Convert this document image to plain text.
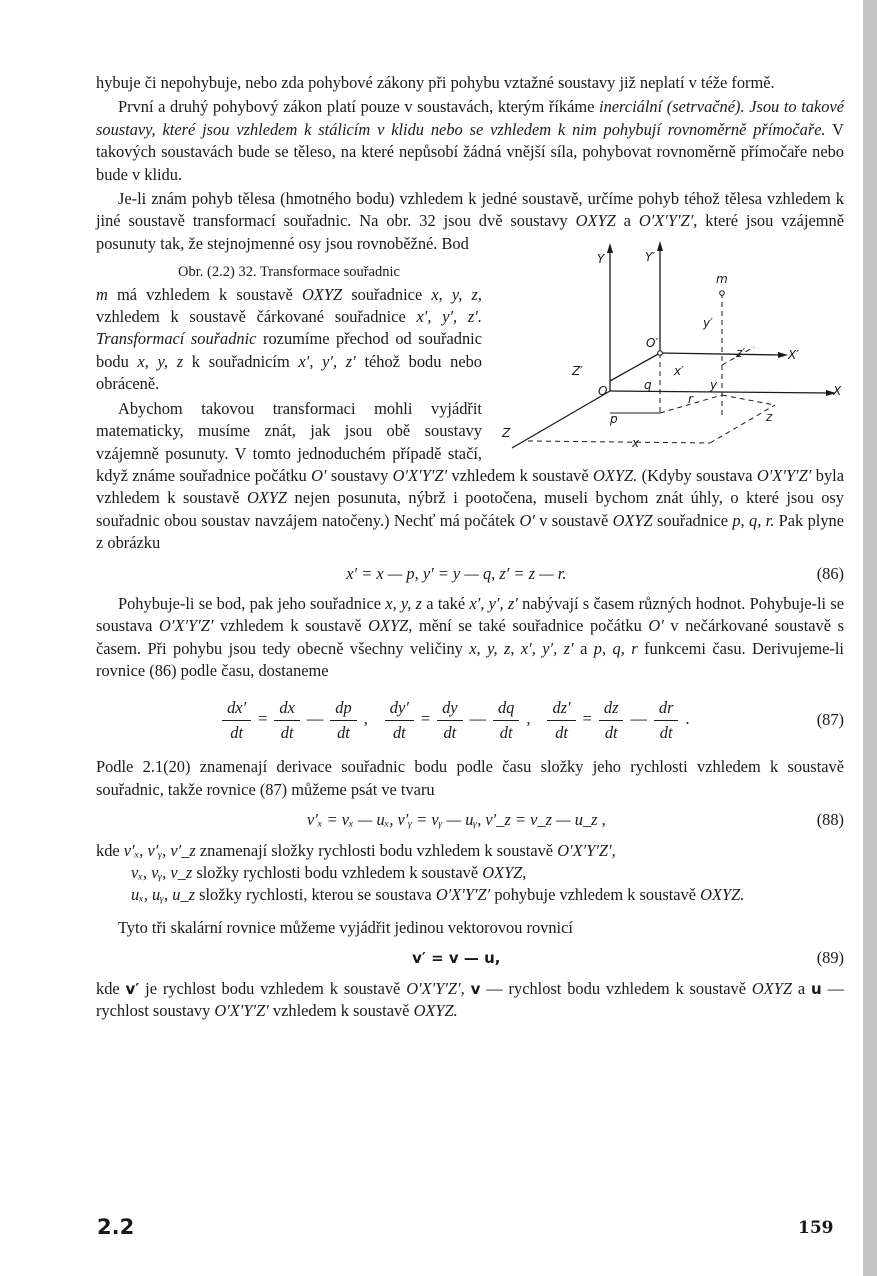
hybuje či nepohybuje, nebo zda pohybové zákony při pohybu vztažné soustavy již neplatí v téže formě.

První a druhý pohybový zákon platí pouze v soustavách, kterým říkáme inerciální (setrvačné). Jsou to takové soustavy, které jsou vzhledem k stálicím v klidu nebo se vzhledem k nim pohybují rovnoměrně přímočaře. V takových soustavách bude se těleso, na které nepůsobí žádná vnější síla, pohybovat rovnoměrně přímočaře nebo bude v klidu.

Je-li znám pohyb tělesa (hmotného bodu) vzhledem k jedné soustavě, určíme pohyb téhož tělesa vzhledem k jiné soustavě transformací souřadnic. Na obr. 32 jsou dvě soustavy OXYZ a O′X′Y′Z′, které jsou vzájemně posunuty tak, že stejnojmenné osy jsou rovnoběžné. Bod
Y	Y′
m
y′
O′
X′
z′
x′
Z′
O	q	y	X
p
r
z
Z
x

Obr. (2.2) 32. Transformace souřadnic
m má vzhledem k soustavě OXYZ souřadnice x, y, z, vzhledem k soustavě čárkované souřadnice x′, y′, z′. Transformací souřadnic rozumíme přechod od souřadnic bodu x, y, z k souřadnicím x′, y′, z′ téhož bodu nebo obráceně.

Abychom takovou transformaci mohli vyjádřit matematicky, musíme znát, jak jsou obě soustavy vzájemně posunuty. V tomto jednoduchém případě stačí, když známe souřadnice počátku O′ soustavy O′X′Y′Z′ vzhledem k soustavě OXYZ. (Kdyby soustava O′X′Y′Z′ byla vzhledem k soustavě OXYZ nejen posunuta, nýbrž i pootočena, museli bychom znát úhly, o které jsou osy souřadnic obou soustav navzájem natočeny.) Nechť má počátek O′ v soustavě OXYZ souřadnice p, q, r. Pak plyne z obrázku

x′ = x — p, y′ = y — q, z′ = z — r.	(86)

Pohybuje-li se bod, pak jeho souřadnice x, y, z a také x′, y′, z′ nabývají s časem různých hodnot. Pohybuje-li se soustava O′X′Y′Z′ vzhledem k soustavě OXYZ, mění se také souřadnice počátku O′ v nečárkované soustavě s časem. Při pohybu jsou tedy obecně všechny veličiny x, y, z, x′, y′, z′ a p, q, r funkcemi času. Derivujeme-li rovnice (86) podle času, dostaneme

$\frac{dx'}{dt} = \frac{dx}{dt}$ — $\frac{dp}{dt}$ , $\frac{dy'}{dt} = \frac{dy}{dt}$ — $\frac{dq}{dt}$ , $\frac{dz'}{dt} = \frac{dz}{dt}$ — $\frac{dr}{dt}$ .	(87)

Podle 2.1(20) znamenají derivace souřadnic bodu podle času složky jeho rychlosti vzhledem k soustavě souřadnic, takže rovnice (87) můžeme psát ve tvaru

v′ₓ = vₓ — uₓ, v′ᵧ = vᵧ — uᵧ, v′_z = v_z — u_z ,	(88)
kde v′ₓ, v′ᵧ, v′_z znamenají složky rychlosti bodu vzhledem k soustavě O′X′Y′Z′,
vₓ, vᵧ, v_z složky rychlosti bodu vzhledem k soustavě OXYZ,
uₓ, uᵧ, u_z složky rychlosti, kterou se soustava O′X′Y′Z′ pohybuje vzhledem k soustavě OXYZ.

Tyto tři skalární rovnice můžeme vyjádřit jedinou vektorovou rovnicí

v′ = v — u,	(89)

kde v′ je rychlost bodu vzhledem k soustavě O′X′Y′Z′, v — rychlost bodu vzhledem k soustavě OXYZ a u — rychlost soustavy O′X′Y′Z′ vzhledem k soustavě OXYZ.

2.2	159
